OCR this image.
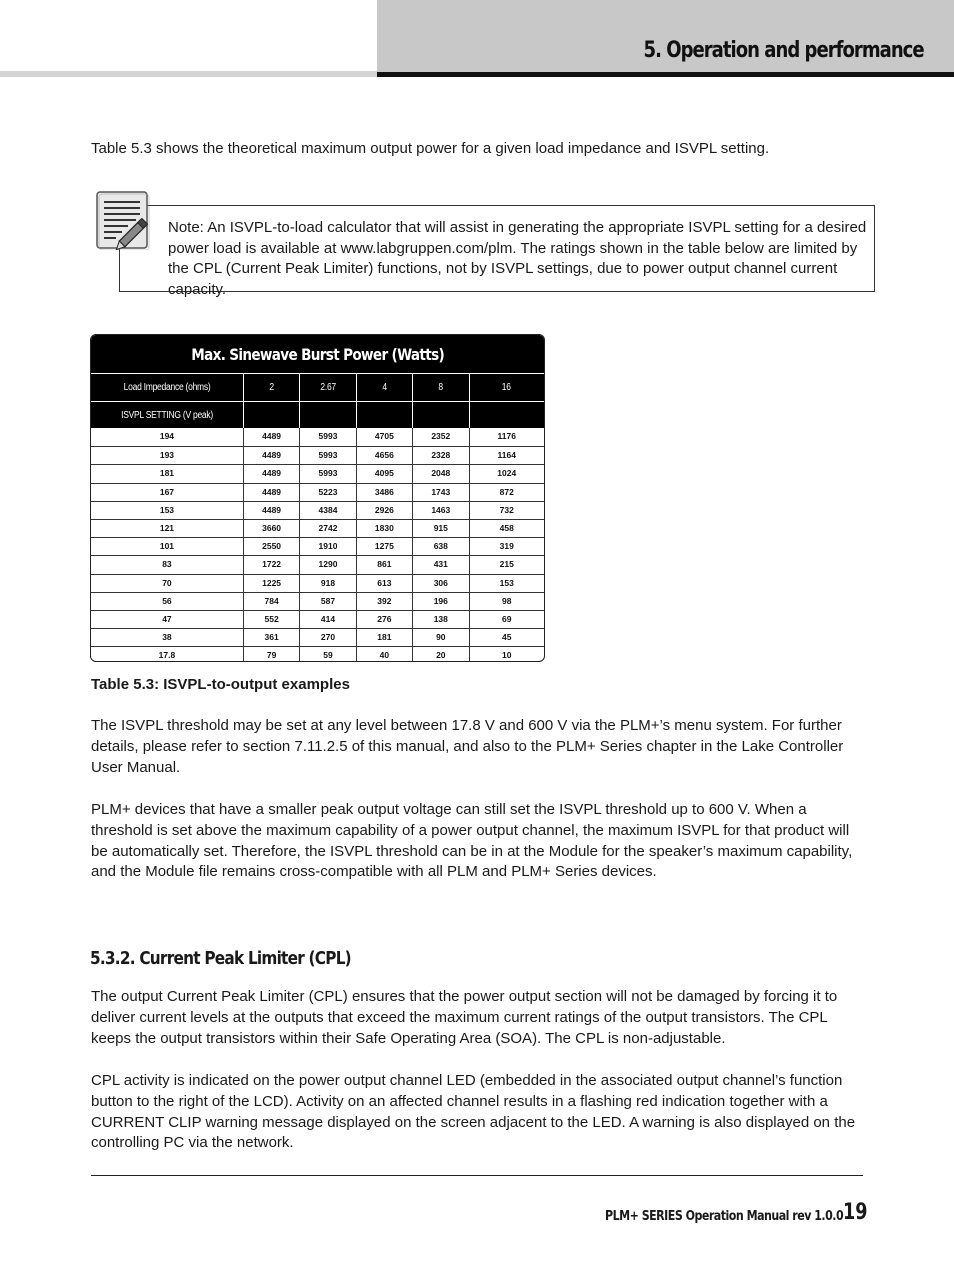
5. Operation and performance

Table 5.3 shows the theoretical maximum output power for a given load impedance and ISVPL setting.

Note: An ISVPL-to-load calculator that will assist in generating the appropriate ISVPL setting for a desired power load is available at www.labgruppen.com/plm. The ratings shown in the table below are limited by the CPL (Current Peak Limiter) functions, not by ISVPL settings, due to power output channel current capacity.

Max. Sinewave Burst Power (Watts)
Load Impedance (ohms)	2	2.67	4	8	16
ISVPL SETTING (V peak)
194	4489	5993	4705	2352	1176
193	4489	5993	4656	2328	1164
181	4489	5993	4095	2048	1024
167	4489	5223	3486	1743	872
153	4489	4384	2926	1463	732
121	3660	2742	1830	915	458
101	2550	1910	1275	638	319
83	1722	1290	861	431	215
70	1225	918	613	306	153
56	784	587	392	196	98
47	552	414	276	138	69
38	361	270	181	90	45
17.8	79	59	40	20	10

Table 5.3: ISVPL-to-output examples

The ISVPL threshold may be set at any level between 17.8 V and 600 V via the PLM+’s menu system. For further details, please refer to section 7.11.2.5 of this manual, and also to the PLM+ Series chapter in the Lake Controller User Manual.

PLM+ devices that have a smaller peak output voltage can still set the ISVPL threshold up to 600 V. When a threshold is set above the maximum capability of a power output channel, the maximum ISVPL for that product will be automatically set. Therefore, the ISVPL threshold can be in at the Module for the speaker’s maximum capability, and the Module file remains cross-compatible with all PLM and PLM+ Series devices.

5.3.2. Current Peak Limiter (CPL)

The output Current Peak Limiter (CPL) ensures that the power output section will not be damaged by forcing it to deliver current levels at the outputs that exceed the maximum current ratings of the output transistors. The CPL keeps the output transistors within their Safe Operating Area (SOA). The CPL is non-adjustable.

CPL activity is indicated on the power output channel LED (embedded in the associated output channel’s function button to the right of the LCD). Activity on an affected channel results in a flashing red indication together with a CURRENT CLIP warning message displayed on the screen adjacent to the LED. A warning is also displayed on the controlling PC via the network.

PLM+ SERIES Operation Manual rev 1.0.0 19
